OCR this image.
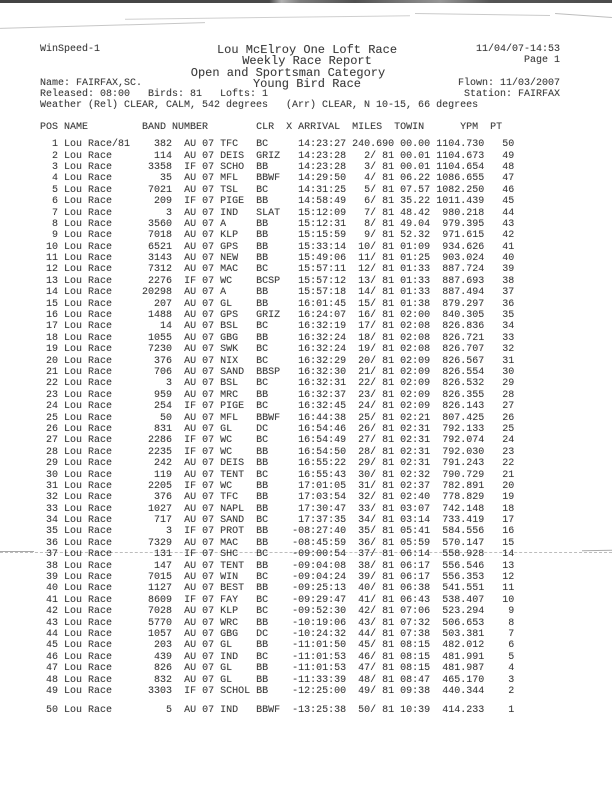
WinSpeed-1

	Lou McElroy One Loft Race

	11/04/07-14:53

Weekly Race Report

	Page 1

Open and Sportsman Category

Name: FAIRFAX,SC.

	Young Bird Race

	Flown: 11/03/2007

Released: 08:00   Birds: 81   Lofts: 1

	Station: FAIRFAX

Weather (Rel) CLEAR, CALM, 542 degrees   (Arr) CLEAR, N 10-15, 66 degrees

POS NAME         BAND NUMBER        CLR  X ARRIVAL  MILES  TOWIN      YPM  PT
1 Lou Race/81    382 AU 07 TFC   BC     14:23:27 240.690 00.00 1104.730   50
2 Lou Race       114 AU 07 DEIS  GRIZ   14:23:28   2/ 81 00.01 1104.673   49
3 Lou Race      3358 IF 07 SCHO  BB     14:23:28   3/ 81 00.01 1104.654   48
4 Lou Race        35 AU 07 MFL   BBWF   14:29:50   4/ 81 06.22 1086.655   47
5 Lou Race      7021 AU 07 TSL   BC     14:31:25   5/ 81 07.57 1082.250   46
6 Lou Race       209 IF 07 PIGE  BB     14:58:49   6/ 81 35.22 1011.439   45
7 Lou Race         3 AU 07 IND   SLAT   15:12:09   7/ 81 48.42  980.218   44
8 Lou Race      3560 AU 07 A     BB     15:12:31   8/ 81 49.04  979.395   43
9 Lou Race      7018 AU 07 KLP   BB     15:15:59   9/ 81 52.32  971.615   42
10 Lou Race      6521 AU 07 GPS   BB     15:33:14  10/ 81 01:09  934.626   41
11 Lou Race      3143 AU 07 NEW   BB     15:49:06  11/ 81 01:25  903.024   40
12 Lou Race      7312 AU 07 MAC   BC     15:57:11  12/ 81 01:33  887.724   39
13 Lou Race      2276 IF 07 WC    BCSP   15:57:12  13/ 81 01:33  887.693   38
14 Lou Race     20298 AU 07 A     BB     15:57:18  14/ 81 01:33  887.494   37
15 Lou Race       207 AU 07 GL    BB     16:01:45  15/ 81 01:38  879.297   36
16 Lou Race      1488 AU 07 GPS   GRIZ   16:24:07  16/ 81 02:00  840.305   35
17 Lou Race        14 AU 07 BSL   BC     16:32:19  17/ 81 02:08  826.836   34
18 Lou Race      1055 AU 07 GBG   BB     16:32:24  18/ 81 02:08  826.721   33
19 Lou Race      7230 AU 07 SWK   BC     16:32:24  19/ 81 02:08  826.707   32
20 Lou Race       376 AU 07 NIX   BC     16:32:29  20/ 81 02:09  826.567   31
21 Lou Race       706 AU 07 SAND  BBSP   16:32:30  21/ 81 02:09  826.554   30
22 Lou Race         3 AU 07 BSL   BC     16:32:31  22/ 81 02:09  826.532   29
23 Lou Race       959 AU 07 MRC   BB     16:32:37  23/ 81 02:09  826.355   28
24 Lou Race       254 IF 07 PIGE  BC     16:32:45  24/ 81 02:09  826.143   27
25 Lou Race        50 AU 07 MFL   BBWF   16:44:38  25/ 81 02:21  807.425   26
26 Lou Race       831 AU 07 GL    DC     16:54:46  26/ 81 02:31  792.133   25
27 Lou Race      2286 IF 07 WC    BC     16:54:49  27/ 81 02:31  792.074   24
28 Lou Race      2235 IF 07 WC    BB     16:54:50  28/ 81 02:31  792.030   23
29 Lou Race       242 AU 07 DEIS  BB     16:55:22  29/ 81 02:31  791.243   22
30 Lou Race       119 AU 07 TENT  BC     16:55:43  30/ 81 02:32  790.729   21
31 Lou Race      2205 IF 07 WC    BB     17:01:05  31/ 81 02:37  782.891   20
32 Lou Race       376 AU 07 TFC   BB     17:03:54  32/ 81 02:40  778.829   19
33 Lou Race      1027 AU 07 NAPL  BB     17:30:47  33/ 81 03:07  742.148   18
34 Lou Race       717 AU 07 SAND  BC     17:37:35  34/ 81 03:14  733.419   17
35 Lou Race         3 IF 07 PROT  BB    -08:27:40  35/ 81 05:41  584.556   16
36 Lou Race      7329 AU 07 MAC   BB    -08:45:59  36/ 81 05:59  570.147   15
37 Lou Race       131 IF 07 SHC   BC    -09:00:54  37/ 81 06:14  558.928   14
38 Lou Race       147 AU 07 TENT  BB    -09:04:08  38/ 81 06:17  556.546   13
39 Lou Race      7015 AU 07 WIN   BC    -09:04:24  39/ 81 06:17  556.353   12
40 Lou Race      1127 AU 07 BEST  BB    -09:25:13  40/ 81 06:38  541.551   11
41 Lou Race      8609 IF 07 FAY   BC    -09:29:47  41/ 81 06:43  538.407   10
42 Lou Race      7028 AU 07 KLP   BC    -09:52:30  42/ 81 07:06  523.294    9
43 Lou Race      5770 AU 07 WRC   BB    -10:19:06  43/ 81 07:32  506.653    8
44 Lou Race      1057 AU 07 GBG   DC    -10:24:32  44/ 81 07:38  503.381    7
45 Lou Race       203 AU 07 GL    BB    -11:01:50  45/ 81 08:15  482.012    6
46 Lou Race       439 AU 07 IND   BC    -11:01:53  46/ 81 08:15  481.991    5
47 Lou Race       826 AU 07 GL    BB    -11:01:53  47/ 81 08:15  481.987    4
48 Lou Race       832 AU 07 GL    BB    -11:33:39  48/ 81 08:47  465.170    3
49 Lou Race      3303 IF 07 SCHOL BB    -12:25:00  49/ 81 09:38  440.344    2
50 Lou Race         5 AU 07 IND   BBWF  -13:25:38  50/ 81 10:39  414.233    1
